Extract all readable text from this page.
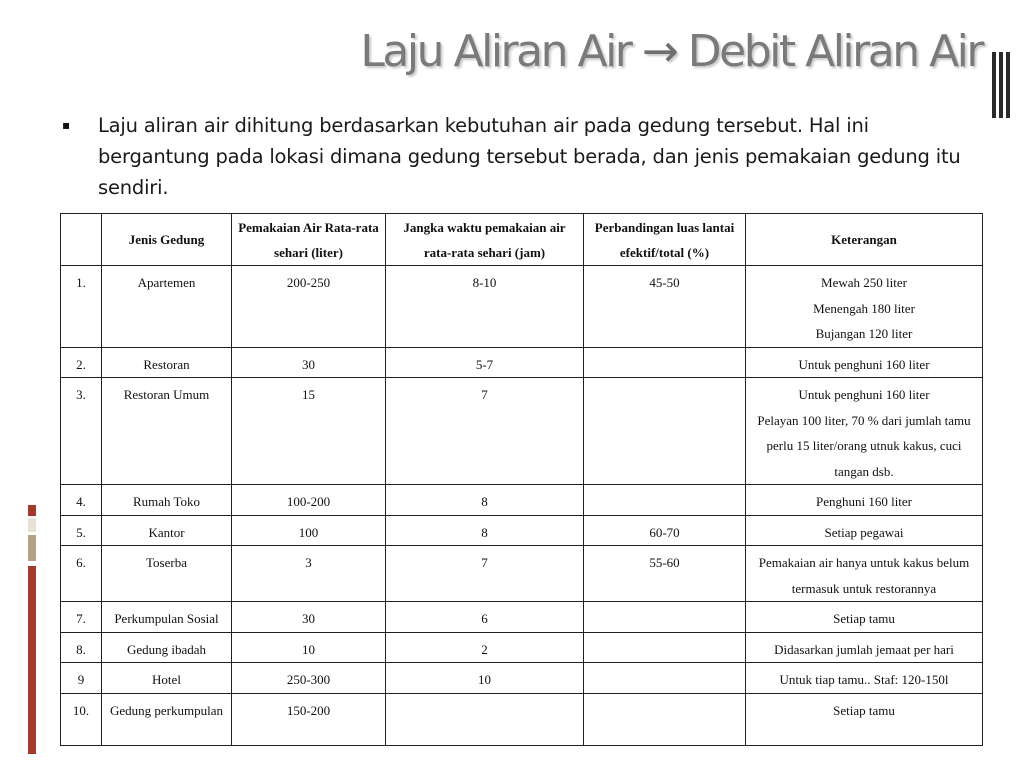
Laju Aliran Air → Debit Aliran Air
▪ Laju aliran air dihitung berdasarkan kebutuhan air pada gedung tersebut. Hal ini bergantung pada lokasi dimana gedung tersebut berada, dan jenis pemakaian gedung itu sendiri.
	Jenis Gedung	Pemakaian Air Rata-rata sehari (liter)	Jangka waktu pemakaian air rata-rata sehari (jam)	Perbandingan luas lantai efektif/total (%)	Keterangan
1.	Apartemen	200-250	8-10	45-50	Mewah 250 liter
Menengah 180 liter
Bujangan 120 liter

2.	Restoran	30	5-7		Untuk penghuni 160 liter

3.	Restoran Umum	15	7		Untuk penghuni 160 liter
Pelayan 100 liter, 70 % dari jumlah tamu perlu 15 liter/orang utnuk kakus, cuci tangan dsb.

4.	Rumah Toko	100-200	8		Penghuni 160 liter

5.	Kantor	100	8	60-70	Setiap pegawai

6.	Toserba	3	7	55-60	Pemakaian air hanya untuk kakus belum termasuk untuk restorannya

7.	Perkumpulan Sosial	30	6		Setiap tamu

8.	Gedung ibadah	10	2		Didasarkan jumlah jemaat per hari

9	Hotel	250-300	10		Untuk tiap tamu.. Staf: 120-150l

10.	Gedung perkumpulan	150-200			Setiap tamu
